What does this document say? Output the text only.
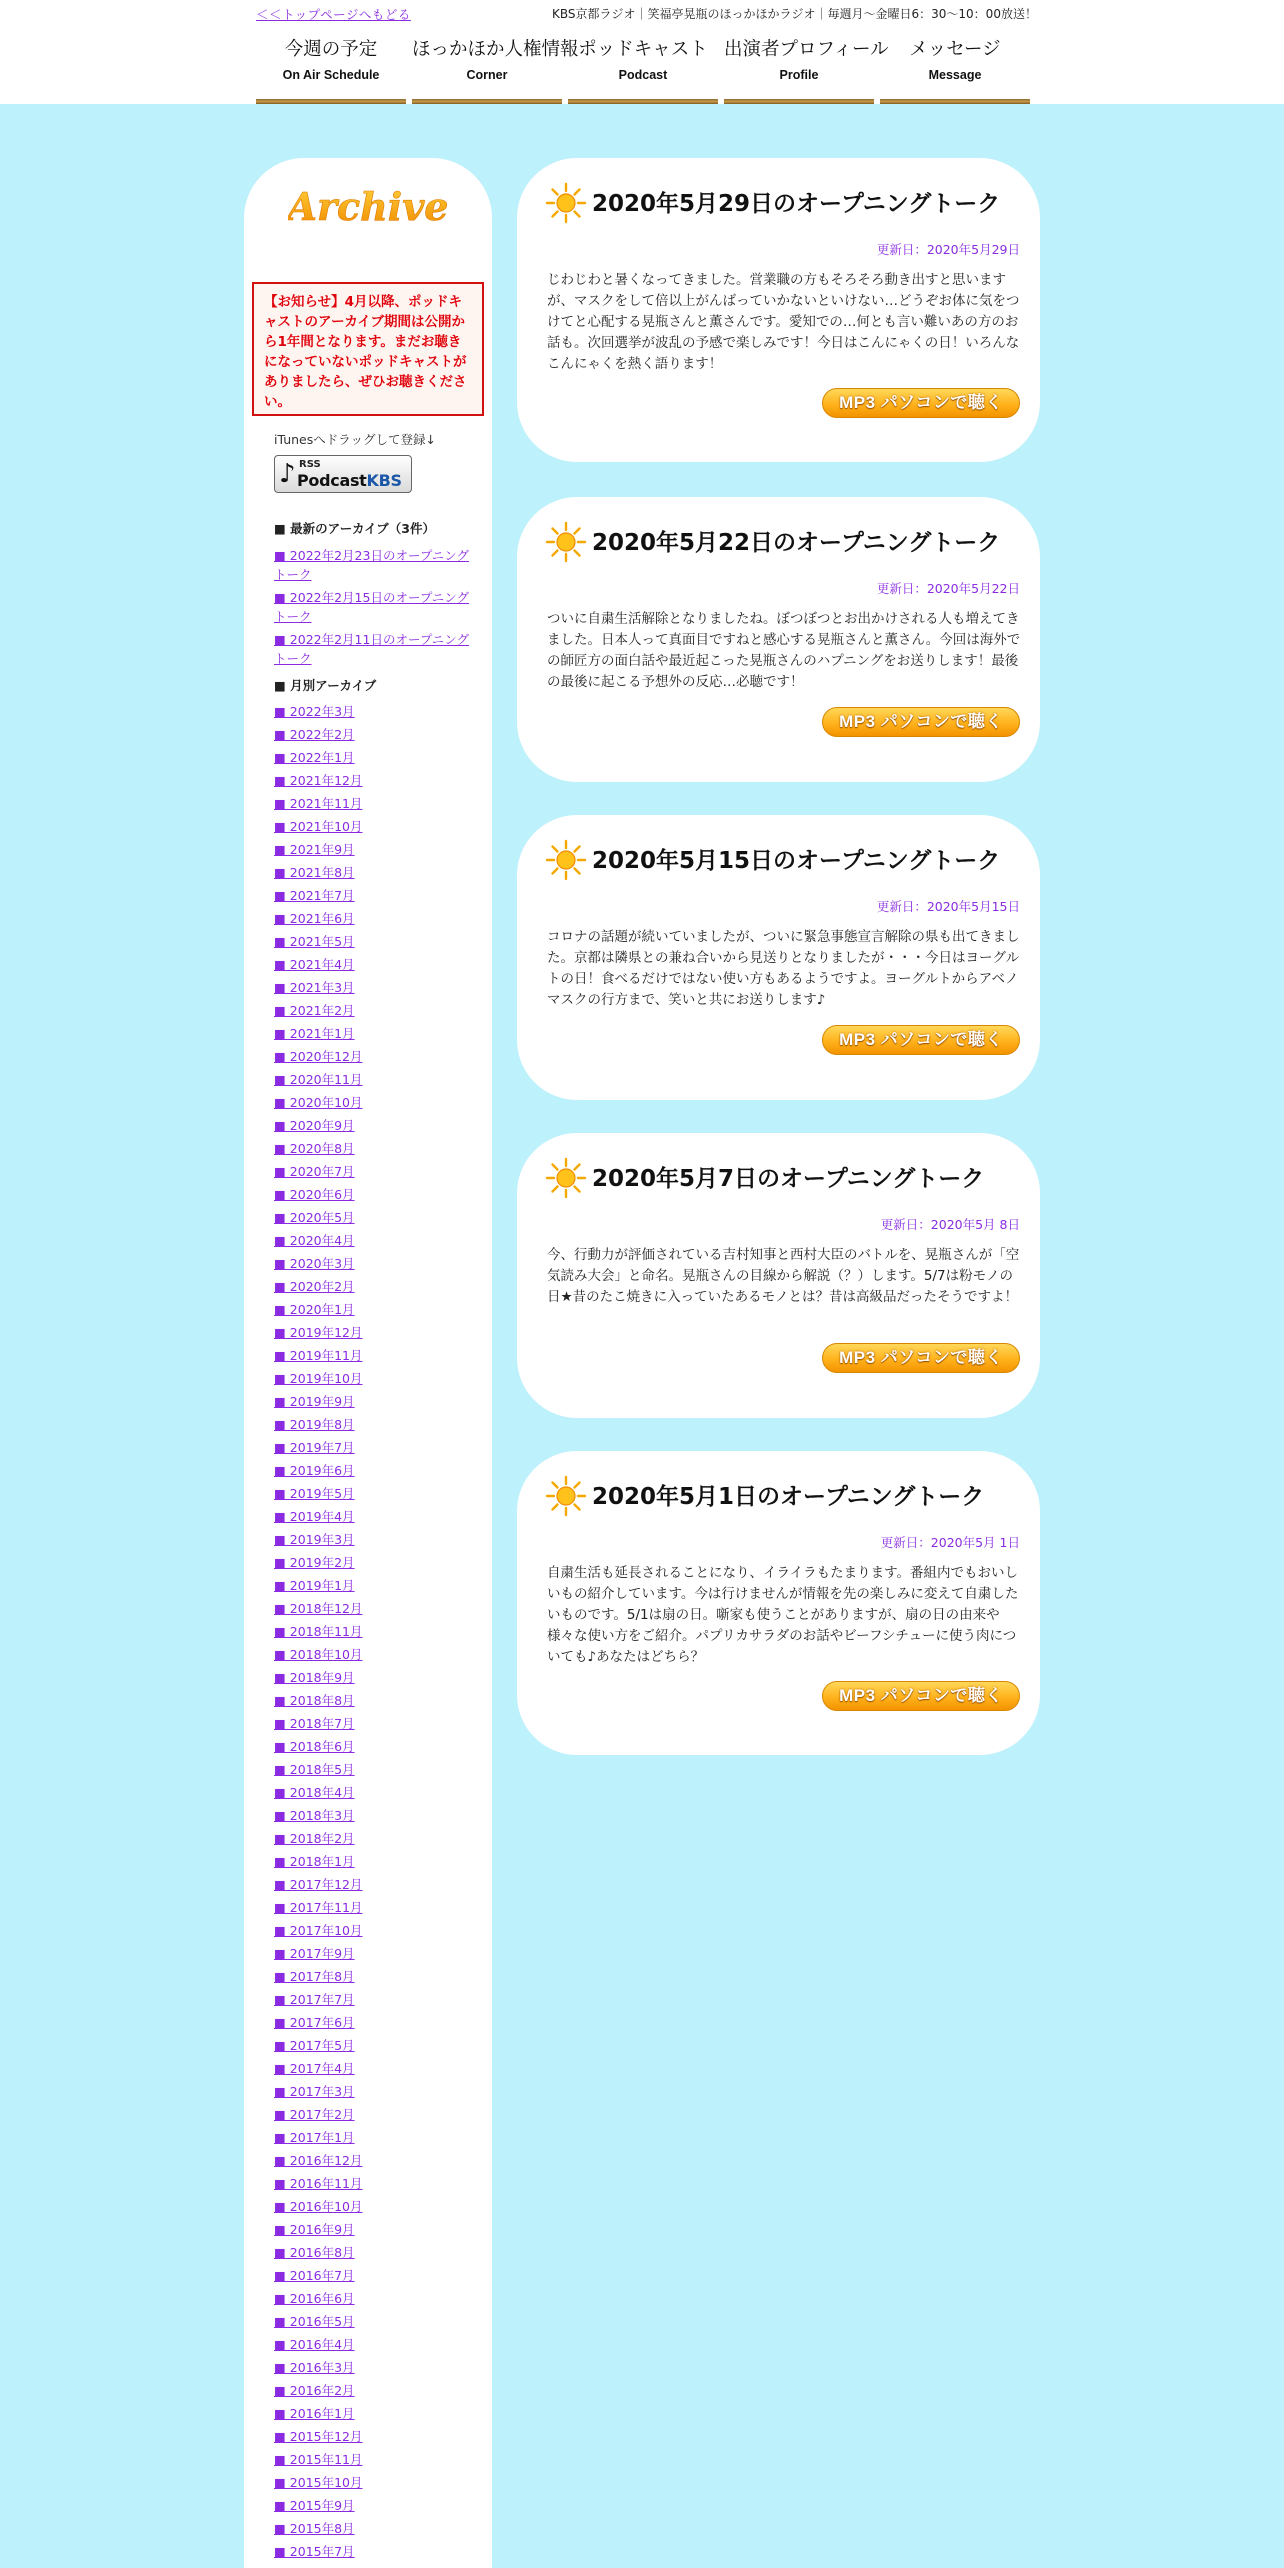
＜＜トップページへもどる	KBS京都ラジオ｜笑福亭晃瓶のほっかほかラジオ｜毎週月～金曜日6：30～10：00放送！
今週の予定
On Air Schedule
ほっかほか人権情報
Corner
ポッドキャスト
Podcast
出演者プロフィール
Profile
メッセージ
Message
Archive
【お知らせ】4月以降、ポッドキャストのアーカイブ期間は公開から1年間となります。まだお聴きになっていないポッドキャストがありましたら、ぜひお聴きください。
iTunesへドラッグして登録↓
♪ RSS
PodcastKBS
■ 最新のアーカイブ（3件）
■ 2022年2月23日のオープニングトーク
■ 2022年2月15日のオープニングトーク
■ 2022年2月11日のオープニングトーク
■ 月別アーカイブ
■ 2022年3月
■ 2022年2月
■ 2022年1月
■ 2021年12月
■ 2021年11月
■ 2021年10月
■ 2021年9月
■ 2021年8月
■ 2021年7月
■ 2021年6月
■ 2021年5月
■ 2021年4月
■ 2021年3月
■ 2021年2月
■ 2021年1月
■ 2020年12月
■ 2020年11月
■ 2020年10月
■ 2020年9月
■ 2020年8月
■ 2020年7月
■ 2020年6月
■ 2020年5月
■ 2020年4月
■ 2020年3月
■ 2020年2月
■ 2020年1月
■ 2019年12月
■ 2019年11月
■ 2019年10月
■ 2019年9月
■ 2019年8月
■ 2019年7月
■ 2019年6月
■ 2019年5月
■ 2019年4月
■ 2019年3月
■ 2019年2月
■ 2019年1月
■ 2018年12月
■ 2018年11月
■ 2018年10月
■ 2018年9月
■ 2018年8月
■ 2018年7月
■ 2018年6月
■ 2018年5月
■ 2018年4月
■ 2018年3月
■ 2018年2月
■ 2018年1月
■ 2017年12月
■ 2017年11月
■ 2017年10月
■ 2017年9月
■ 2017年8月
■ 2017年7月
■ 2017年6月
■ 2017年5月
■ 2017年4月
■ 2017年3月
■ 2017年2月
■ 2017年1月
■ 2016年12月
■ 2016年11月
■ 2016年10月
■ 2016年9月
■ 2016年8月
■ 2016年7月
■ 2016年6月
■ 2016年5月
■ 2016年4月
■ 2016年3月
■ 2016年2月
■ 2016年1月
■ 2015年12月
■ 2015年11月
■ 2015年10月
■ 2015年9月
■ 2015年8月
■ 2015年7月
2020年5月29日のオープニングトーク
更新日：2020年5月29日

じわじわと暑くなってきました。営業職の方もそろそろ動き出すと思いますが、マスクをして倍以上がんばっていかないといけない…どうぞお体に気をつけてと心配する晃瓶さんと薫さんです。愛知での…何とも言い難いあの方のお話も。次回選挙が波乱の予感で楽しみです！今日はこんにゃくの日！いろんなこんにゃくを熱く語ります！

MP3 パソコンで聴く
2020年5月22日のオープニングトーク
更新日：2020年5月22日

ついに自粛生活解除となりましたね。ぼつぼつとお出かけされる人も増えてきました。日本人って真面目ですねと感心する晃瓶さんと薫さん。今回は海外での師匠方の面白話や最近起こった晃瓶さんのハプニングをお送りします！最後の最後に起こる予想外の反応…必聴です！

MP3 パソコンで聴く
2020年5月15日のオープニングトーク
更新日：2020年5月15日

コロナの話題が続いていましたが、ついに緊急事態宣言解除の県も出てきました。京都は隣県との兼ね合いから見送りとなりましたが・・・今日はヨーグルトの日！食べるだけではない使い方もあるようですよ。ヨーグルトからアベノマスクの行方まで、笑いと共にお送りします♪

MP3 パソコンで聴く
2020年5月7日のオープニングトーク
更新日：2020年5月 8日

今、行動力が評価されている吉村知事と西村大臣のバトルを、晃瓶さんが「空気読み大会」と命名。晃瓶さんの目線から解説（？）します。5/7は粉モノの日★昔のたこ焼きに入っていたあるモノとは？昔は高級品だったそうですよ！

MP3 パソコンで聴く
2020年5月1日のオープニングトーク
更新日：2020年5月 1日

自粛生活も延長されることになり、イライラもたまります。番組内でもおいしいもの紹介しています。今は行けませんが情報を先の楽しみに変えて自粛したいものです。5/1は扇の日。噺家も使うことがありますが、扇の日の由来や様々な使い方をご紹介。パプリカサラダのお話やビーフシチューに使う肉についても♪あなたはどちら？

MP3 パソコンで聴く
